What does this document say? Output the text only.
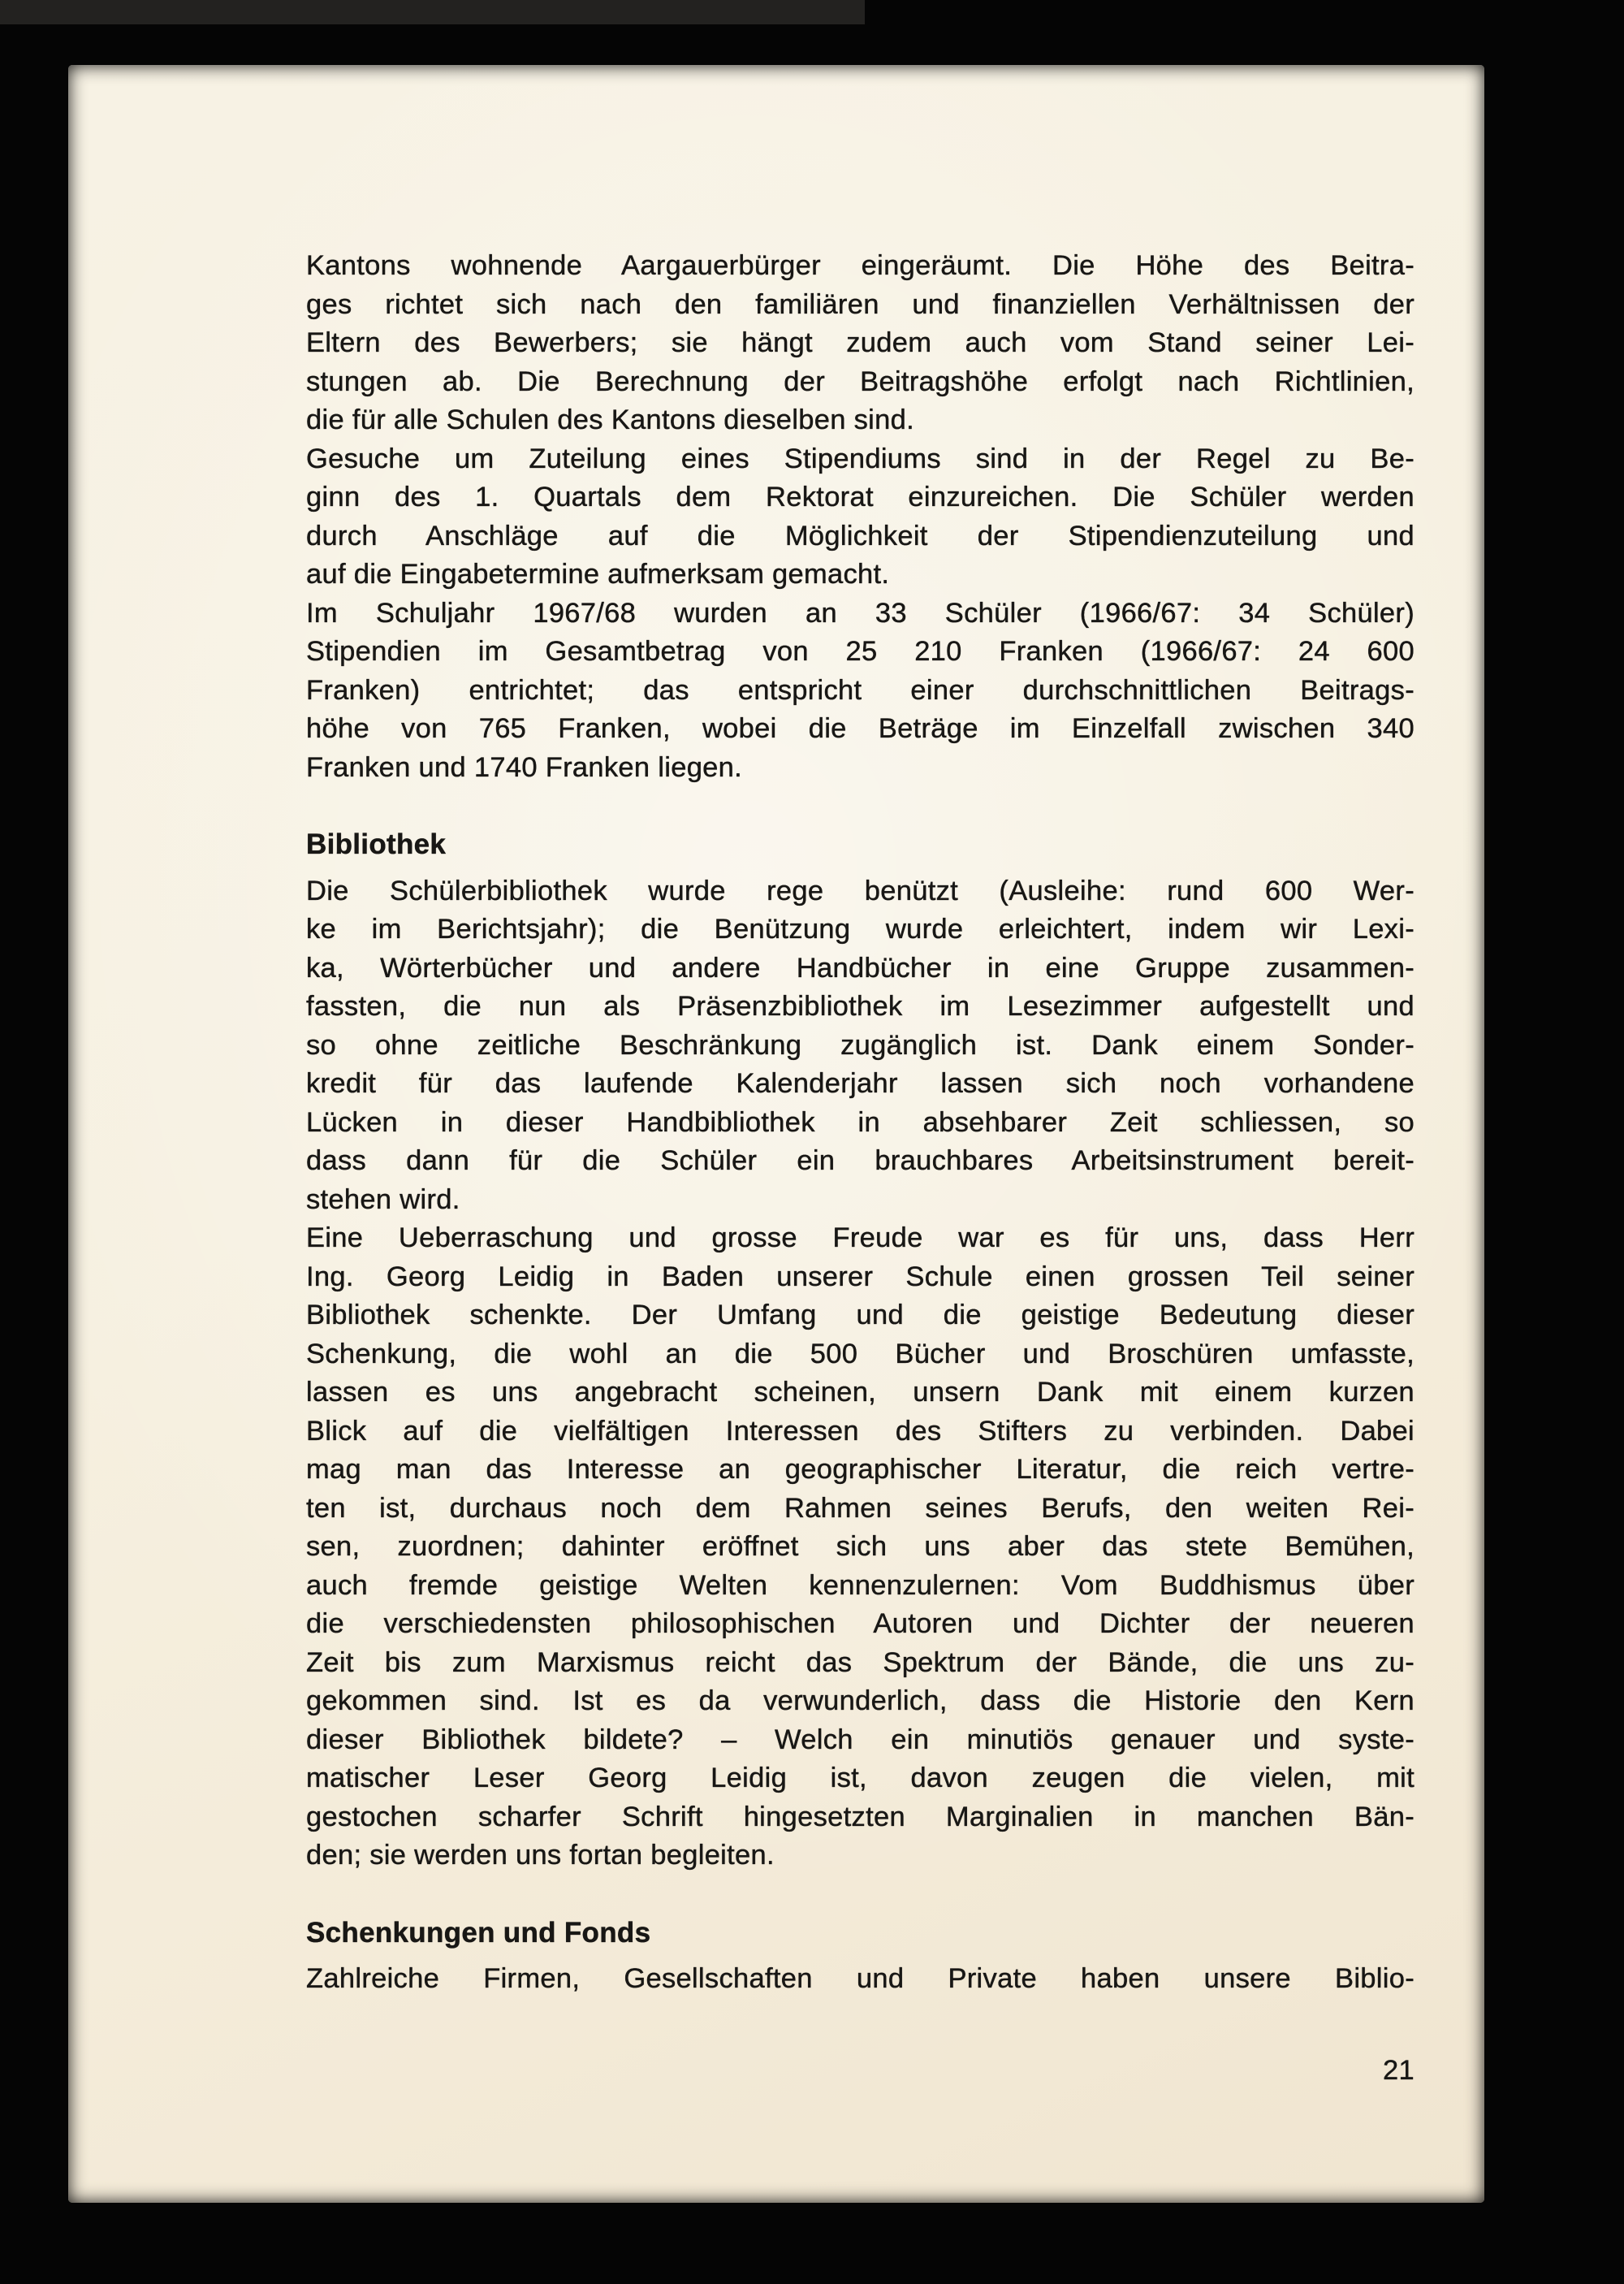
Kantons wohnende Aargauerbürger eingeräumt. Die Höhe des Beitra-
ges richtet sich nach den familiären und finanziellen Verhältnissen der
Eltern des Bewerbers; sie hängt zudem auch vom Stand seiner Lei-
stungen ab. Die Berechnung der Beitragshöhe erfolgt nach Richtlinien,
die für alle Schulen des Kantons dieselben sind.
Gesuche um Zuteilung eines Stipendiums sind in der Regel zu Be-
ginn des 1. Quartals dem Rektorat einzureichen. Die Schüler werden
durch Anschläge auf die Möglichkeit der Stipendienzuteilung und
auf die Eingabetermine aufmerksam gemacht.
Im Schuljahr 1967/68 wurden an 33 Schüler (1966/67: 34 Schüler)
Stipendien im Gesamtbetrag von 25 210 Franken (1966/67: 24 600
Franken) entrichtet; das entspricht einer durchschnittlichen Beitrags-
höhe von 765 Franken, wobei die Beträge im Einzelfall zwischen 340
Franken und 1740 Franken liegen.
Bibliothek
Die Schülerbibliothek wurde rege benützt (Ausleihe: rund 600 Wer-
ke im Berichtsjahr); die Benützung wurde erleichtert, indem wir Lexi-
ka, Wörterbücher und andere Handbücher in eine Gruppe zusammen-
fassten, die nun als Präsenzbibliothek im Lesezimmer aufgestellt und
so ohne zeitliche Beschränkung zugänglich ist. Dank einem Sonder-
kredit für das laufende Kalenderjahr lassen sich noch vorhandene
Lücken in dieser Handbibliothek in absehbarer Zeit schliessen, so
dass dann für die Schüler ein brauchbares Arbeitsinstrument bereit-
stehen wird.
Eine Ueberraschung und grosse Freude war es für uns, dass Herr
Ing. Georg Leidig in Baden unserer Schule einen grossen Teil seiner
Bibliothek schenkte. Der Umfang und die geistige Bedeutung dieser
Schenkung, die wohl an die 500 Bücher und Broschüren umfasste,
lassen es uns angebracht scheinen, unsern Dank mit einem kurzen
Blick auf die vielfältigen Interessen des Stifters zu verbinden. Dabei
mag man das Interesse an geographischer Literatur, die reich vertre-
ten ist, durchaus noch dem Rahmen seines Berufs, den weiten Rei-
sen, zuordnen; dahinter eröffnet sich uns aber das stete Bemühen,
auch fremde geistige Welten kennenzulernen: Vom Buddhismus über
die verschiedensten philosophischen Autoren und Dichter der neueren
Zeit bis zum Marxismus reicht das Spektrum der Bände, die uns zu-
gekommen sind. Ist es da verwunderlich, dass die Historie den Kern
dieser Bibliothek bildete? – Welch ein minutiös genauer und syste-
matischer Leser Georg Leidig ist, davon zeugen die vielen, mit
gestochen scharfer Schrift hingesetzten Marginalien in manchen Bän-
den; sie werden uns fortan begleiten.
Schenkungen und Fonds
Zahlreiche Firmen, Gesellschaften und Private haben unsere Biblio-
21
